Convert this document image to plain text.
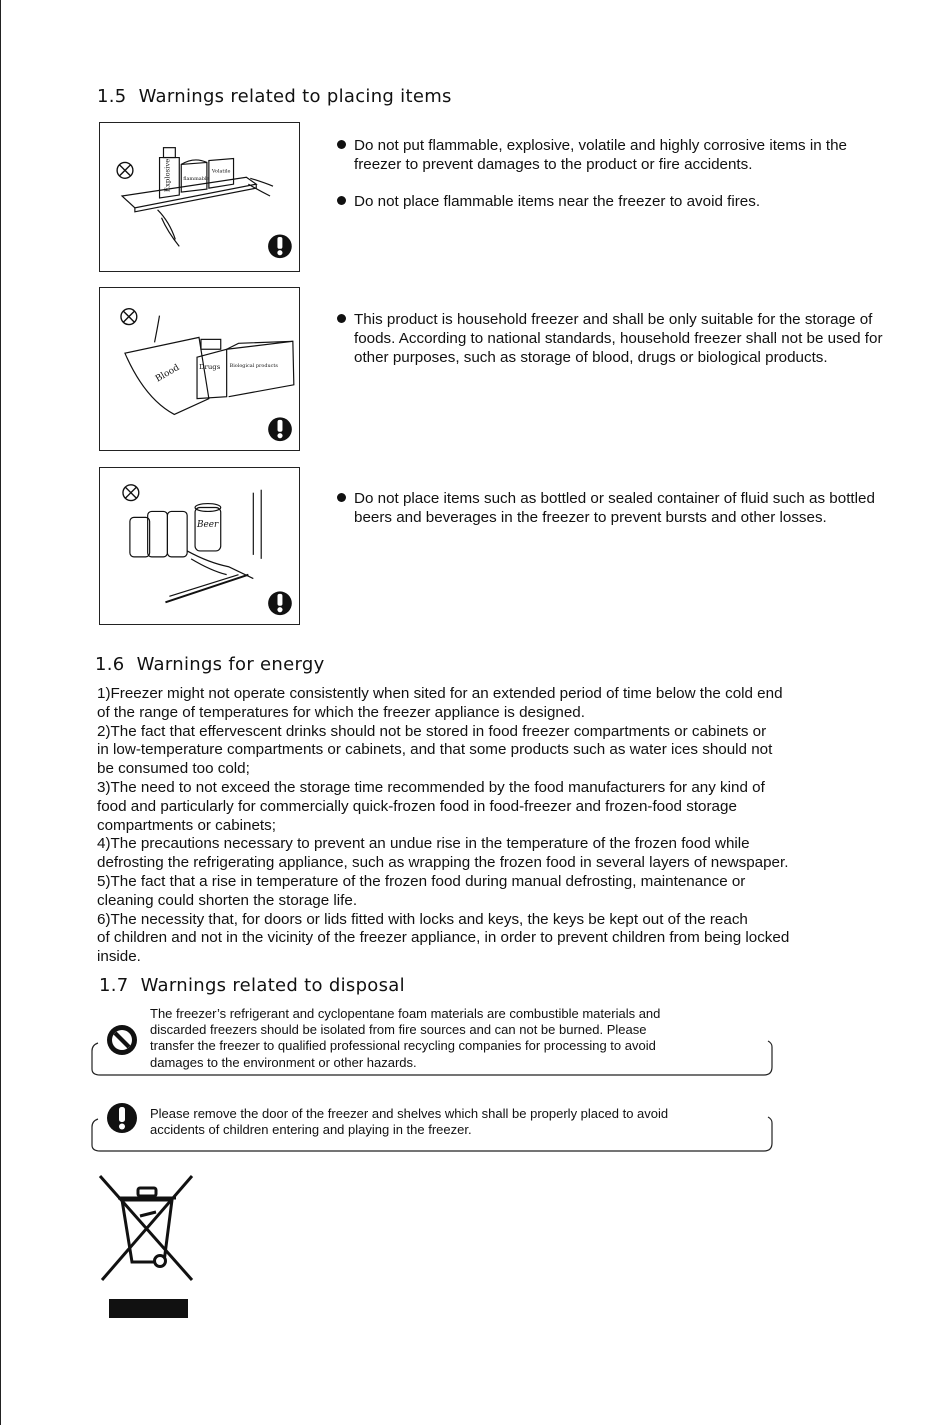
1.5 Warnings related to placing items
Explosive flammable
Volatile
Do not put flammable, explosive, volatile and highly corrosive items in the freezer to prevent damages to the product or fire accidents.
Do not place flammable items near the freezer to avoid fires.
Blood	Drugs Biological products
This product is household freezer and shall be only suitable for the storage of foods. According to national standards, household freezer shall not be used for other purposes, such as storage of blood, drugs or biological products.
Beer
Do not place items such as bottled or sealed container of fluid such as bottled beers and beverages in the freezer to prevent bursts and other losses.
1.6 Warnings for energy
1)Freezer might not operate consistently when sited for an extended period of time below the cold end
of the range of temperatures for which the freezer appliance is designed.
2)The fact that effervescent drinks should not be stored in food freezer compartments or cabinets or
in low-temperature compartments or cabinets, and that some products such as water ices should not
be consumed too cold;
3)The need to not exceed the storage time recommended by the food manufacturers for any kind of
food and particularly for commercially quick-frozen food in food-freezer and frozen-food storage
compartments or cabinets;
4)The precautions necessary to prevent an undue rise in the temperature of the frozen food while
defrosting the refrigerating appliance, such as wrapping the frozen food in several layers of newspaper.
5)The fact that a rise in temperature of the frozen food during manual defrosting, maintenance or
cleaning could shorten the storage life.
6)The necessity that, for doors or lids fitted with locks and keys, the keys be kept out of the reach
of children and not in the vicinity of the freezer appliance, in order to prevent children from being locked
inside.
1.7 Warnings related to disposal
The freezer’s refrigerant and cyclopentane foam materials are combustible materials and
discarded freezers should be isolated from fire sources and can not be burned. Please
transfer the freezer to qualified professional recycling companies for processing to avoid
damages to the environment or other hazards.
Please remove the door of the freezer and shelves which shall be properly placed to avoid
accidents of children entering and playing in the freezer.
